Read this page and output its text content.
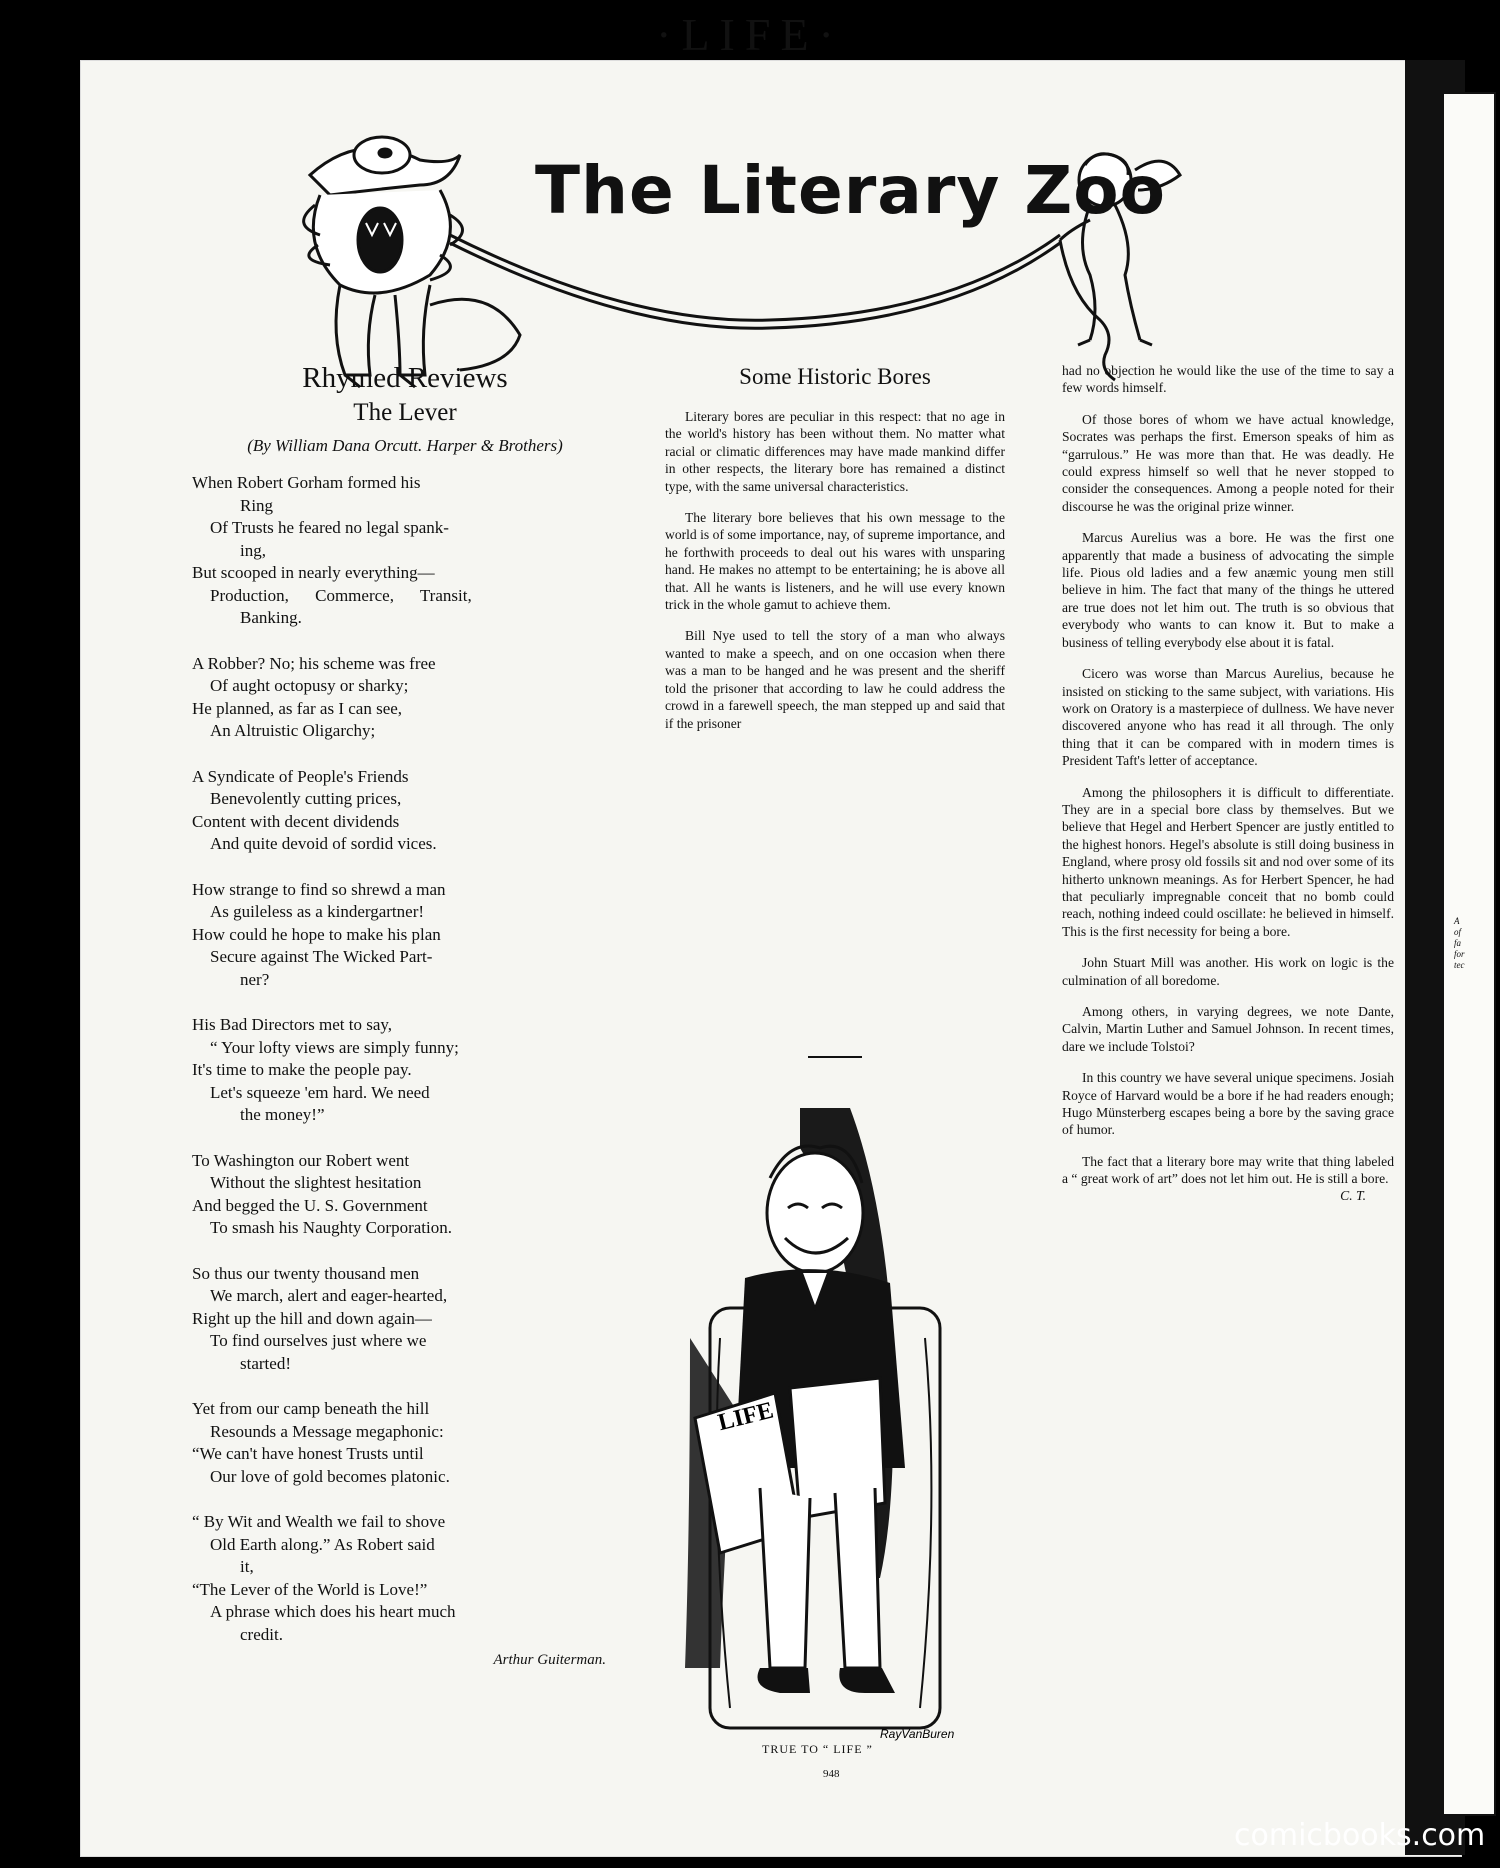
A
of
fa
for
tec
·LIFE·
The Literary Zoo
Rhymed Reviews
The Lever
(By William Dana Orcutt. Harper & Brothers)
When Robert Gorham formed his
Ring
Of Trusts he feared no legal spank-
ing,
But scooped in nearly everything—
Production, Commerce, Transit,
Banking.
A Robber? No; his scheme was free
Of aught octopusy or sharky;
He planned, as far as I can see,
An Altruistic Oligarchy;
A Syndicate of People's Friends
Benevolently cutting prices,
Content with decent dividends
And quite devoid of sordid vices.
How strange to find so shrewd a man
As guileless as a kindergartner!
How could he hope to make his plan
Secure against The Wicked Part-
ner?
His Bad Directors met to say,
“ Your lofty views are simply funny;
It's time to make the people pay.
Let's squeeze 'em hard. We need
the money!”
To Washington our Robert went
Without the slightest hesitation
And begged the U. S. Government
To smash his Naughty Corporation.
So thus our twenty thousand men
We march, alert and eager-hearted,
Right up the hill and down again—
To find ourselves just where we
started!
Yet from our camp beneath the hill
Resounds a Message megaphonic:
“We can't have honest Trusts until
Our love of gold becomes platonic.
“ By Wit and Wealth we fail to shove
Old Earth along.” As Robert said
it,
“The Lever of the World is Love!”
A phrase which does his heart much
credit.
Arthur Guiterman.
Some Historic Bores

Literary bores are peculiar in this respect: that no age in the world's history has been without them. No matter what racial or climatic differences may have made mankind differ in other respects, the literary bore has remained a distinct type, with the same universal characteristics.

The literary bore believes that his own message to the world is of some importance, nay, of supreme importance, and he forthwith proceeds to deal out his wares with unsparing hand. He makes no attempt to be entertaining; he is above all that. All he wants is listeners, and he will use every known trick in the whole gamut to achieve them.

Bill Nye used to tell the story of a man who always wanted to make a speech, and on one occasion when there was a man to be hanged and he was present and the sheriff told the prisoner that according to law he could address the crowd in a farewell speech, the man stepped up and said that if the prisoner

LIFE
RayVanBuren
TRUE TO “ LIFE ”

had no objection he would like the use of the time to say a few words himself.

Of those bores of whom we have actual knowledge, Socrates was perhaps the first. Emerson speaks of him as “garrulous.” He was more than that. He was deadly. He could express himself so well that he never stopped to consider the consequences. Among a people noted for their discourse he was the original prize winner.

Marcus Aurelius was a bore. He was the first one apparently that made a business of advocating the simple life. Pious old ladies and a few anæmic young men still believe in him. The fact that many of the things he uttered are true does not let him out. The truth is so obvious that everybody who wants to can know it. But to make a business of telling everybody else about it is fatal.

Cicero was worse than Marcus Aurelius, because he insisted on sticking to the same subject, with variations. His work on Oratory is a masterpiece of dullness. We have never discovered anyone who has read it all through. The only thing that it can be compared with in modern times is President Taft's letter of acceptance.

Among the philosophers it is difficult to differentiate. They are in a special bore class by themselves. But we believe that Hegel and Herbert Spencer are justly entitled to the highest honors. Hegel's absolute is still doing business in England, where prosy old fossils sit and nod over some of its hitherto unknown meanings. As for Herbert Spencer, he had that peculiarly impregnable conceit that no bomb could reach, nothing indeed could oscillate: he believed in himself. This is the first necessity for being a bore.

John Stuart Mill was another. His work on logic is the culmination of all boredome.

Among others, in varying degrees, we note Dante, Calvin, Martin Luther and Samuel Johnson. In recent times, dare we include Tolstoi?

In this country we have several unique specimens. Josiah Royce of Harvard would be a bore if he had readers enough; Hugo Münsterberg escapes being a bore by the saving grace of humor.

The fact that a literary bore may write that thing labeled a “ great work of art” does not let him out. He is still a bore.

C. T.
948
comicbooks.com
